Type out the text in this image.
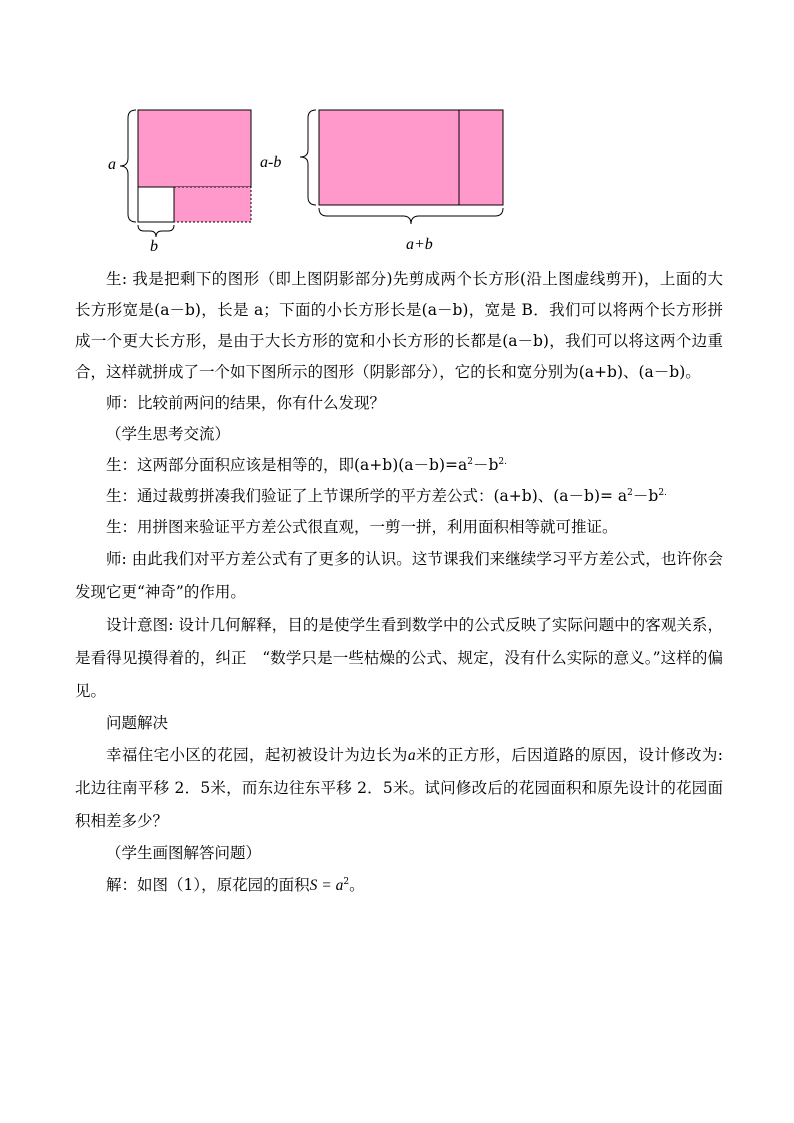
a
b
a-b
a+b

生: 我是把剩下的图形（即上图阴影部分)先剪成两个长方形(沿上图虚线剪开)，上面的大长方形宽是(a－b)，长是 a；下面的小长方形长是(a－b)，宽是 B．我们可以将两个长方形拼成一个更大长方形，是由于大长方形的宽和小长方形的长都是(a－b)，我们可以将这两个边重合，这样就拼成了一个如下图所示的图形（阴影部分），它的长和宽分别为(a+b)、(a－b)。

师：比较前两问的结果，你有什么发现？

（学生思考交流）

生：这两部分面积应该是相等的，即$(a+b)(a-b)=a^2-b^{2.}$

生：通过裁剪拼凑我们验证了上节课所学的平方差公式：(a+b)、$(a-b)= a^2-b^{2.}$

生：用拼图来验证平方差公式很直观，一剪一拼，利用面积相等就可推证。

师: 由此我们对平方差公式有了更多的认识。这节课我们来继续学习平方差公式，也许你会发现它更“神奇”的作用。

设计意图: 设计几何解释，目的是使学生看到数学中的公式反映了实际问题中的客观关系，是看得见摸得着的，纠正　“数学只是一些枯燥的公式、规定，没有什么实际的意义。”这样的偏见。

问题解决

幸福住宅小区的花园，起初被设计为边长为a米的正方形，后因道路的原因，设计修改为:北边往南平移 2．5米，而东边往东平移 2．5米。试问修改后的花园面积和原先设计的花园面积相差多少？

（学生画图解答问题）

解：如图（1），原花园的面积$S = a^2$。
